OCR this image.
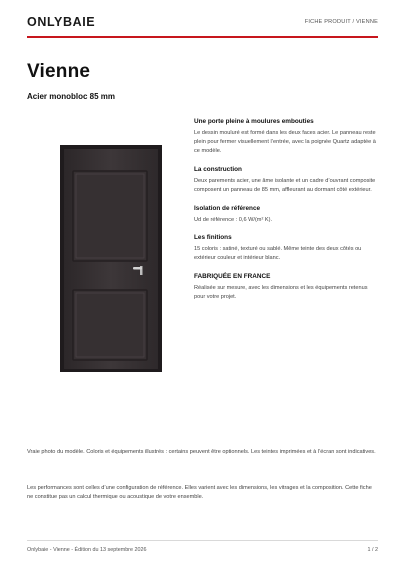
ONLYBAIE	FICHE PRODUIT / VIENNE
Vienne
Acier monobloc 85 mm
Une porte pleine à moulures embouties

Le dessin mouluré est formé dans les deux faces acier. Le panneau reste plein pour fermer visuellement l’entrée, avec la poignée Quartz adaptée à ce modèle.

La construction

Deux parements acier, une âme isolante et un cadre d’ouvrant composite composent un panneau de 85 mm, affleurant au dormant côté extérieur.

Isolation de référence

Ud de référence : 0,6 W/(m² K).

Les finitions

15 coloris : satiné, texturé ou sablé. Même teinte des deux côtés ou extérieur couleur et intérieur blanc.

FABRIQUÉE EN FRANCE

Réalisée sur mesure, avec les dimensions et les équipements retenus pour votre projet.

Vraie photo du modèle. Coloris et équipements illustrés : certains peuvent être optionnels. Les teintes imprimées et à l’écran sont indicatives.

Les performances sont celles d’une configuration de référence. Elles varient avec les dimensions, les vitrages et la composition. Cette fiche ne constitue pas un calcul thermique ou acoustique de votre ensemble.

Onlybaie - Vienne - Édition du 13 septembre 2026	1 / 2
